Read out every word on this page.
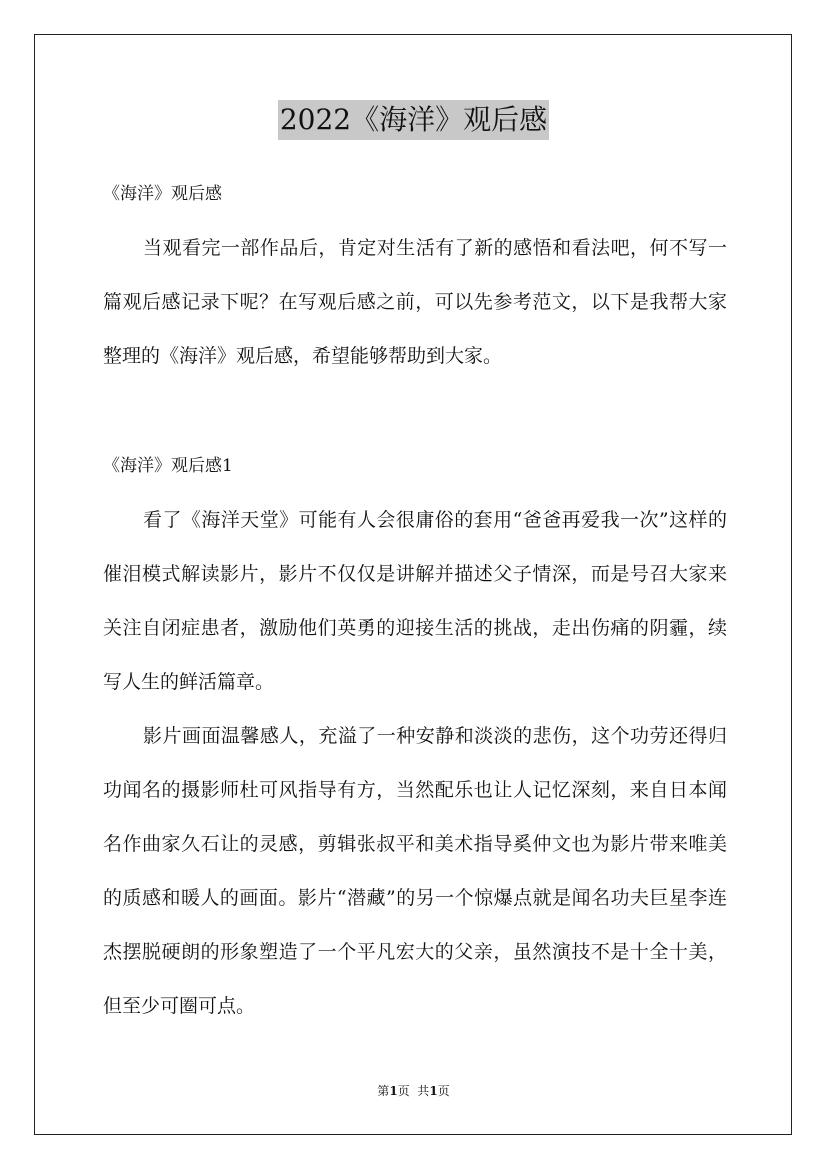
2022《海洋》观后感

《海洋》观后感

当观看完一部作品后，肯定对生活有了新的感悟和看法吧，何不写一篇观后感记录下呢？在写观后感之前，可以先参考范文，以下是我帮大家整理的《海洋》观后感，希望能够帮助到大家。

《海洋》观后感1

看了《海洋天堂》可能有人会很庸俗的套用“爸爸再爱我一次”这样的催泪模式解读影片，影片不仅仅是讲解并描述父子情深，而是号召大家来关注自闭症患者，激励他们英勇的迎接生活的挑战，走出伤痛的阴霾，续写人生的鲜活篇章。

影片画面温馨感人，充溢了一种安静和淡淡的悲伤，这个功劳还得归功闻名的摄影师杜可风指导有方，当然配乐也让人记忆深刻，来自日本闻名作曲家久石让的灵感，剪辑张叔平和美术指导奚仲文也为影片带来唯美的质感和暖人的画面。影片“潜藏”的另一个惊爆点就是闻名功夫巨星李连杰摆脱硬朗的形象塑造了一个平凡宏大的父亲，虽然演技不是十全十美，但至少可圈可点。

第1页  共1页
